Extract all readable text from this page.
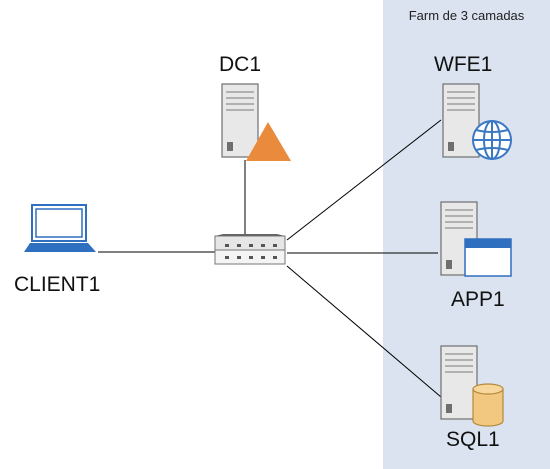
Farm de 3 camadas
DC1	WFE1
APP1
CLIENT1
SQL1
